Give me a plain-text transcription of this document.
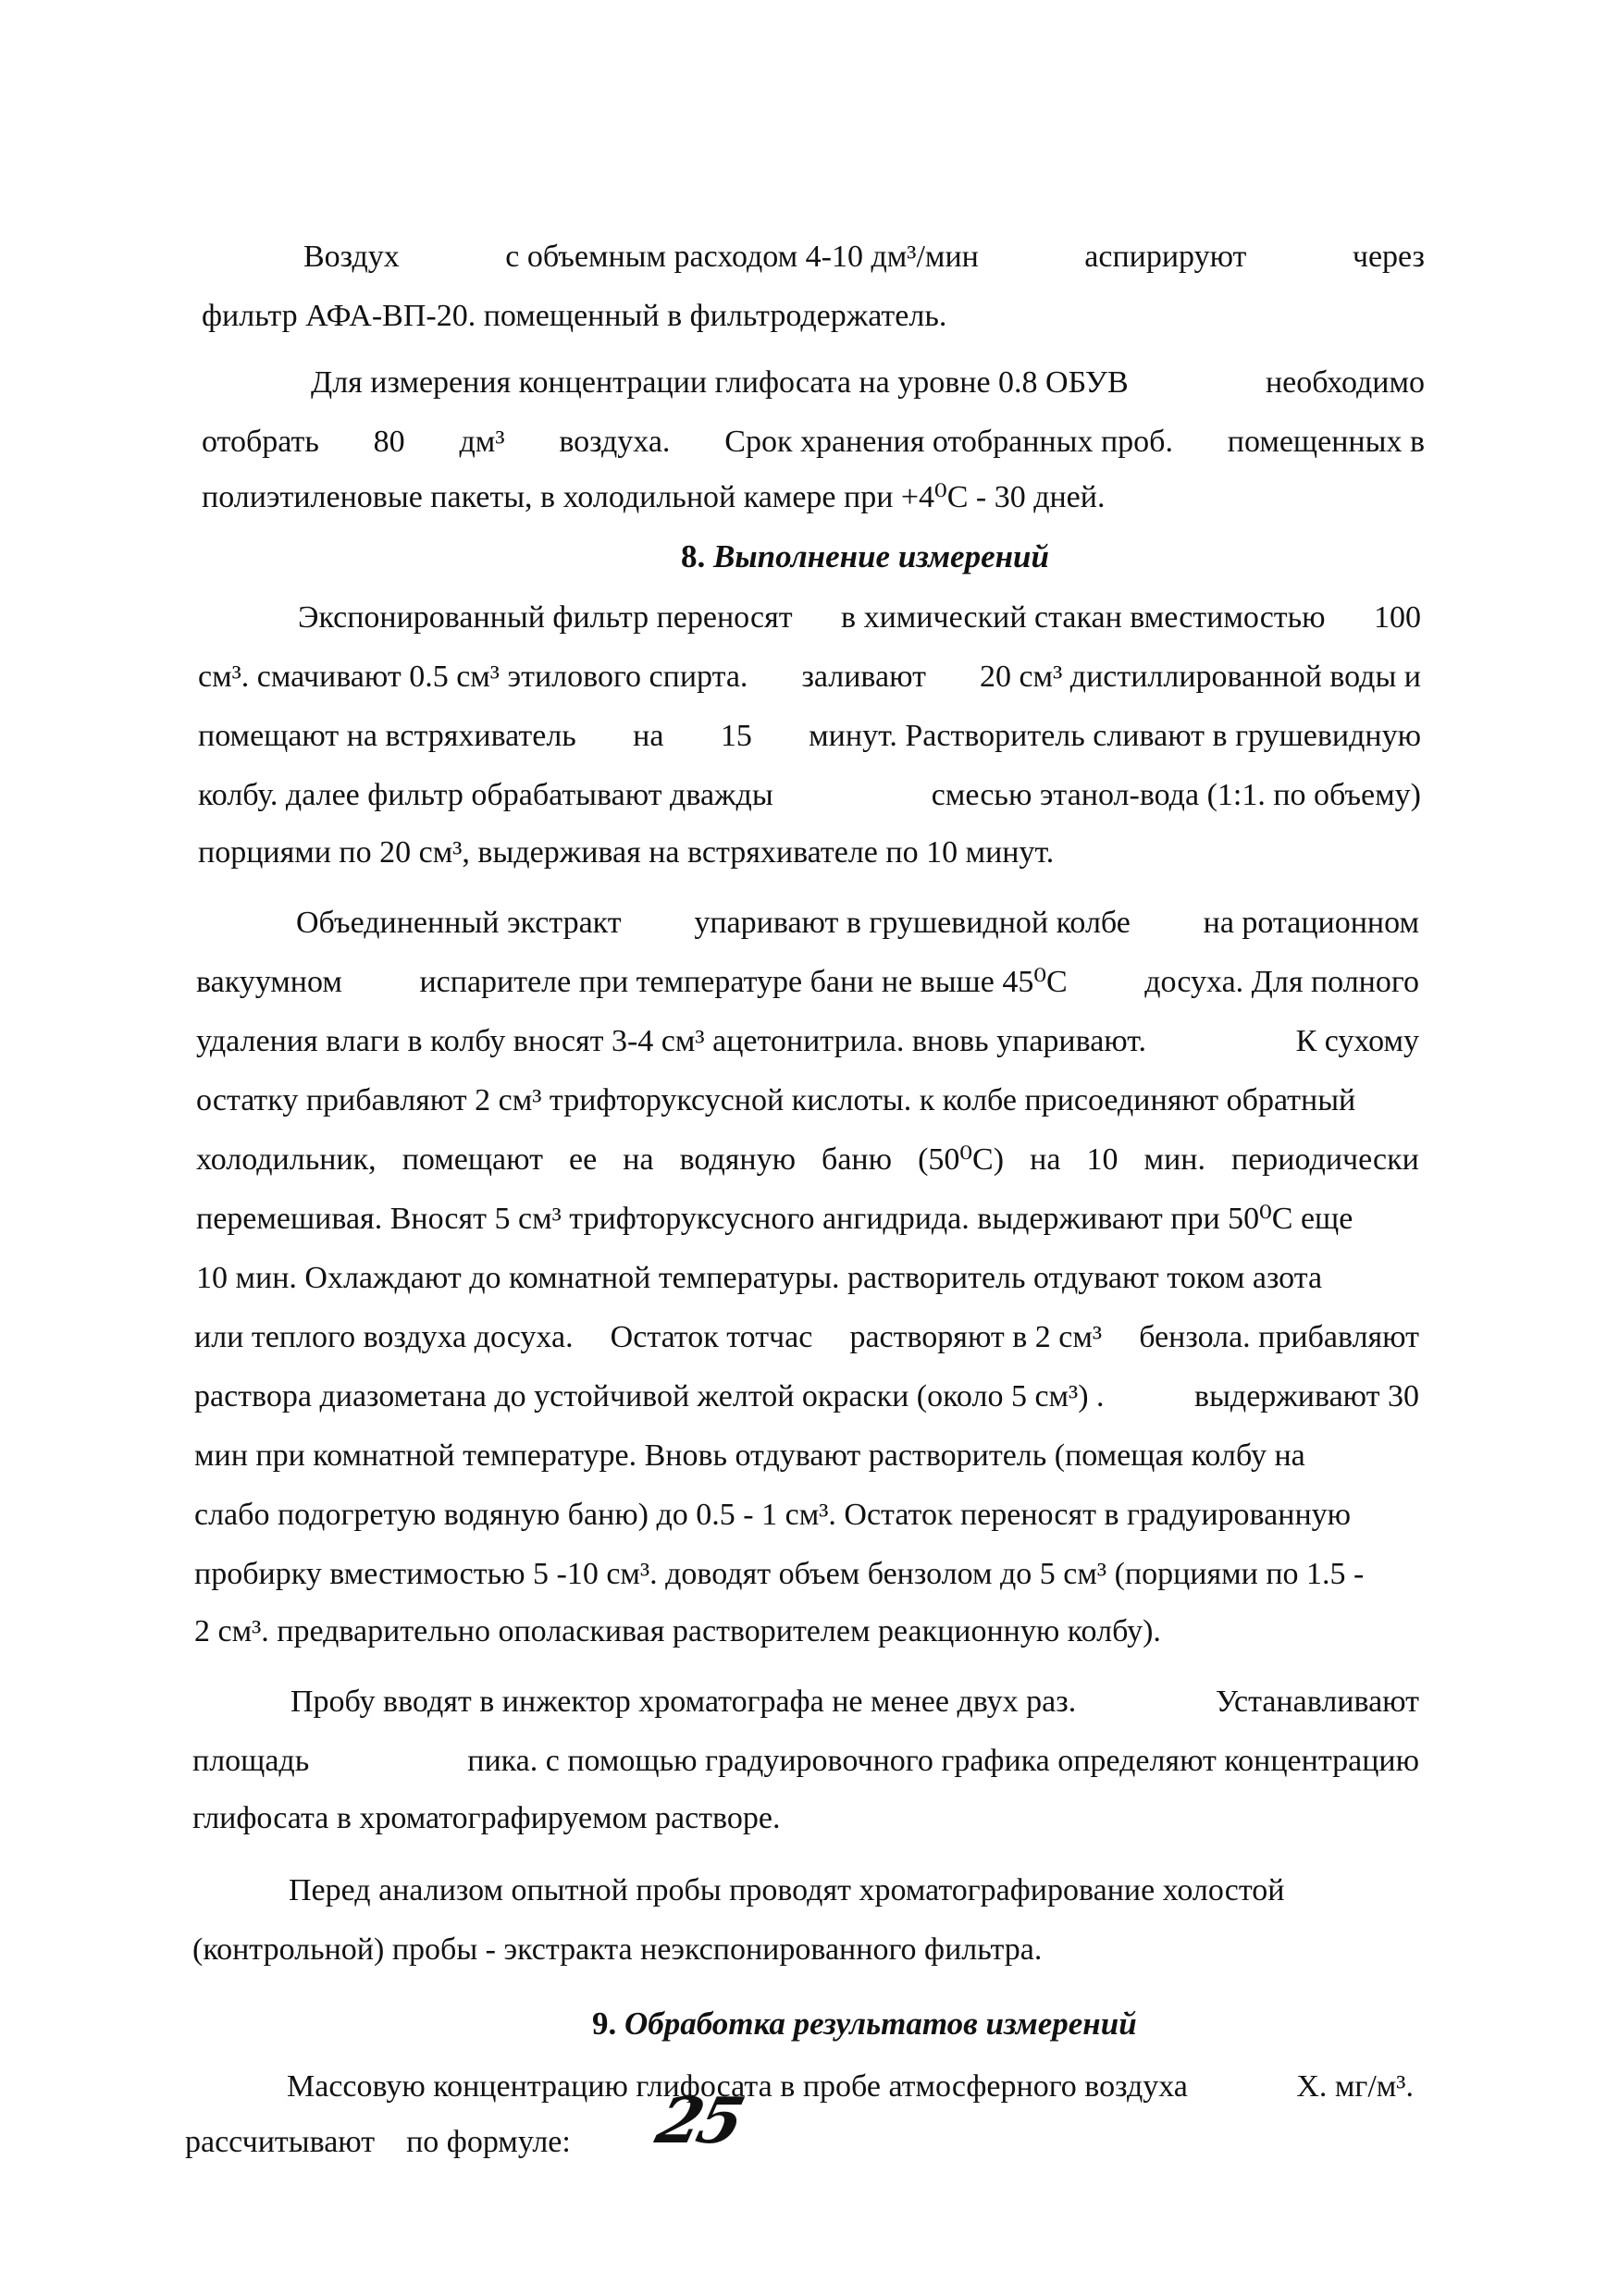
Воздух	с объемным расходом 4-10 дм³/мин	аспирируют	через
фильтр АФА-ВП-20. помещенный в фильтродержатель.
Для измерения концентрации глифосата на уровне 0.8 ОБУВ	необходимо
отобрать 80 дм³ воздуха. Срок хранения отобранных проб. помещенных в
полиэтиленовые пакеты, в холодильной камере при +4⁰С - 30 дней.
8. Выполнение измерений
Экспонированный фильтр переносят в химический стакан вместимостью 100
см³. смачивают 0.5 см³ этилового спирта. заливают 20 см³ дистиллированной воды и
помещают на встряхиватель на 15 минут. Растворитель сливают в грушевидную
колбу. далее фильтр обрабатывают дважды	смесью этанол-вода (1:1. по объему)
порциями по 20 см³, выдерживая на встряхивателе по 10 минут.
Объединенный экстракт упаривают в грушевидной колбе на ротационном
вакуумном испарителе при температуре бани не выше 45⁰С досуха. Для полного
удаления влаги в колбу вносят 3-4 см³ ацетонитрила. вновь упаривают.	К сухому
остатку прибавляют 2 см³ трифторуксусной кислоты. к колбе присоединяют обратный
холодильник, помещают ее на водяную баню (50⁰С) на 10 мин. периодически
перемешивая. Вносят 5 см³ трифторуксусного ангидрида. выдерживают при 50⁰С еще
10 мин. Охлаждают до комнатной температуры. растворитель отдувают током азота
или теплого воздуха досуха. Остаток тотчас растворяют в 2 см³ бензола. прибавляют
раствора диазометана до устойчивой желтой окраски (около 5 см³) .	выдерживают 30
мин при комнатной температуре. Вновь отдувают растворитель (помещая колбу на
слабо подогретую водяную баню) до 0.5 - 1 см³. Остаток переносят в градуированную
пробирку вместимостью 5 -10 см³. доводят объем бензолом до 5 см³ (порциями по 1.5 -
2 см³. предварительно ополаскивая растворителем реакционную колбу).
Пробу вводят в инжектор хроматографа не менее двух раз.	Устанавливают
площадь	пика. с помощью градуировочного графика определяют концентрацию
глифосата в хроматографируемом растворе.
Перед анализом опытной пробы проводят хроматографирование холостой
(контрольной) пробы - экстракта неэкспонированного фильтра.
9. Обработка результатов измерений
Массовую концентрацию глифосата в пробе атмосферного воздуха	X. мг/м³.
рассчитывают    по формуле: 25
